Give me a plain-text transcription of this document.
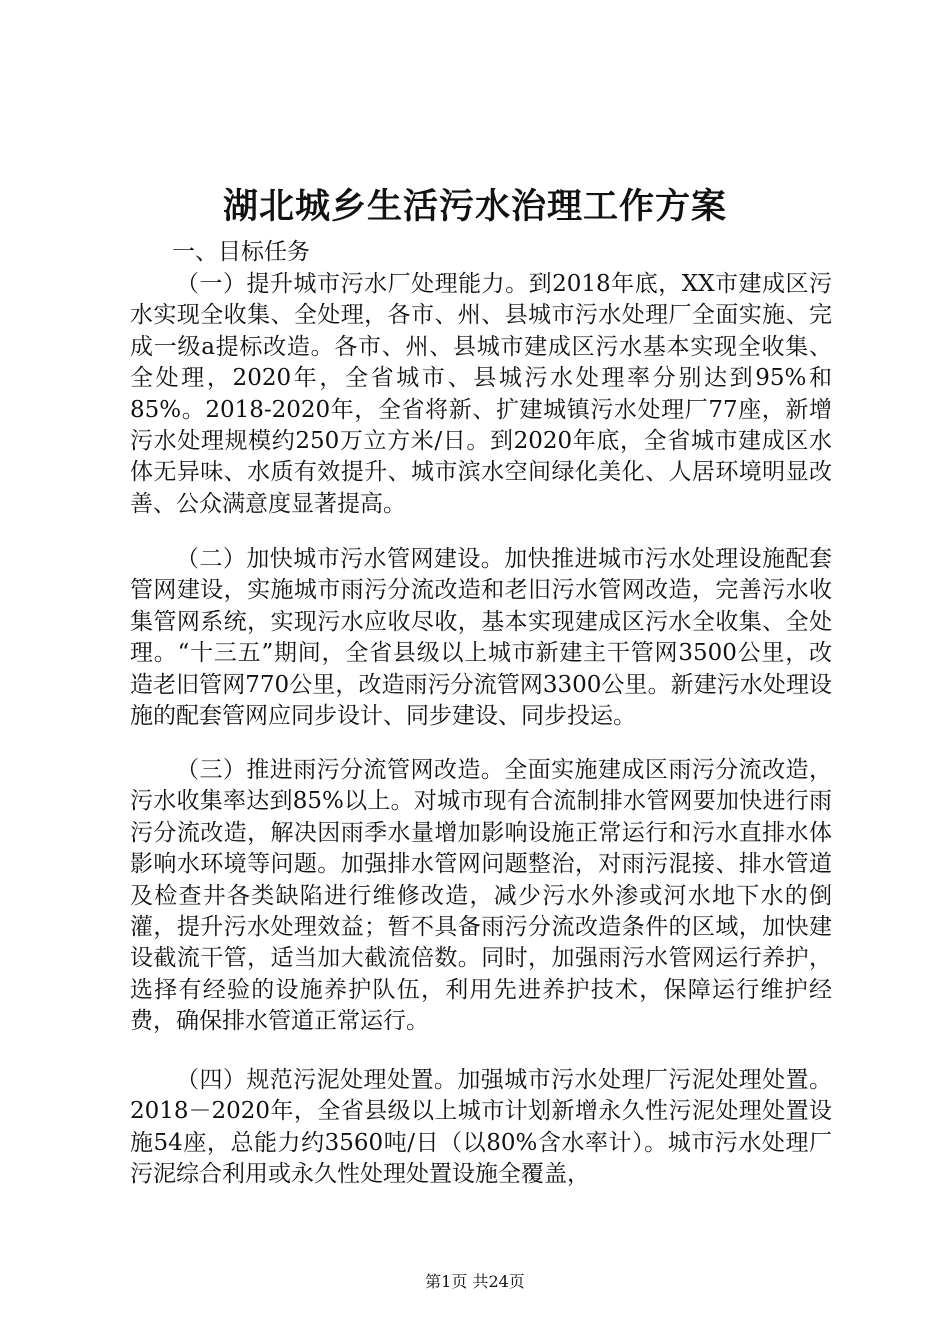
湖北城乡生活污水治理工作方案

一、目标任务

（一）提升城市污水厂处理能力。到2018年底，XX市建成区污水实现全收集、全处理，各市、州、县城市污水处理厂全面实施、完成一级a提标改造。各市、州、县城市建成区污水基本实现全收集、全处理，2020年，全省城市、县城污水处理率分别达到95%和85%。2018-2020年，全省将新、扩建城镇污水处理厂77座，新增污水处理规模约250万立方米/日。到2020年底，全省城市建成区水体无异味、水质有效提升、城市滨水空间绿化美化、人居环境明显改善、公众满意度显著提高。

（二）加快城市污水管网建设。加快推进城市污水处理设施配套管网建设，实施城市雨污分流改造和老旧污水管网改造，完善污水收集管网系统，实现污水应收尽收，基本实现建成区污水全收集、全处理。“十三五”期间，全省县级以上城市新建主干管网3500公里，改造老旧管网770公里，改造雨污分流管网3300公里。新建污水处理设施的配套管网应同步设计、同步建设、同步投运。

（三）推进雨污分流管网改造。全面实施建成区雨污分流改造，污水收集率达到85%以上。对城市现有合流制排水管网要加快进行雨污分流改造，解决因雨季水量增加影响设施正常运行和污水直排水体影响水环境等问题。加强排水管网问题整治，对雨污混接、排水管道及检查井各类缺陷进行维修改造，减少污水外渗或河水地下水的倒灌，提升污水处理效益；暂不具备雨污分流改造条件的区域，加快建设截流干管，适当加大截流倍数。同时，加强雨污水管网运行养护，选择有经验的设施养护队伍，利用先进养护技术，保障运行维护经费，确保排水管道正常运行。

（四）规范污泥处理处置。加强城市污水处理厂污泥处理处置。2018－2020年，全省县级以上城市计划新增永久性污泥处理处置设施54座，总能力约3560吨/日（以80%含水率计）。城市污水处理厂污泥综合利用或永久性处理处置设施全覆盖，

第1页 共24页
